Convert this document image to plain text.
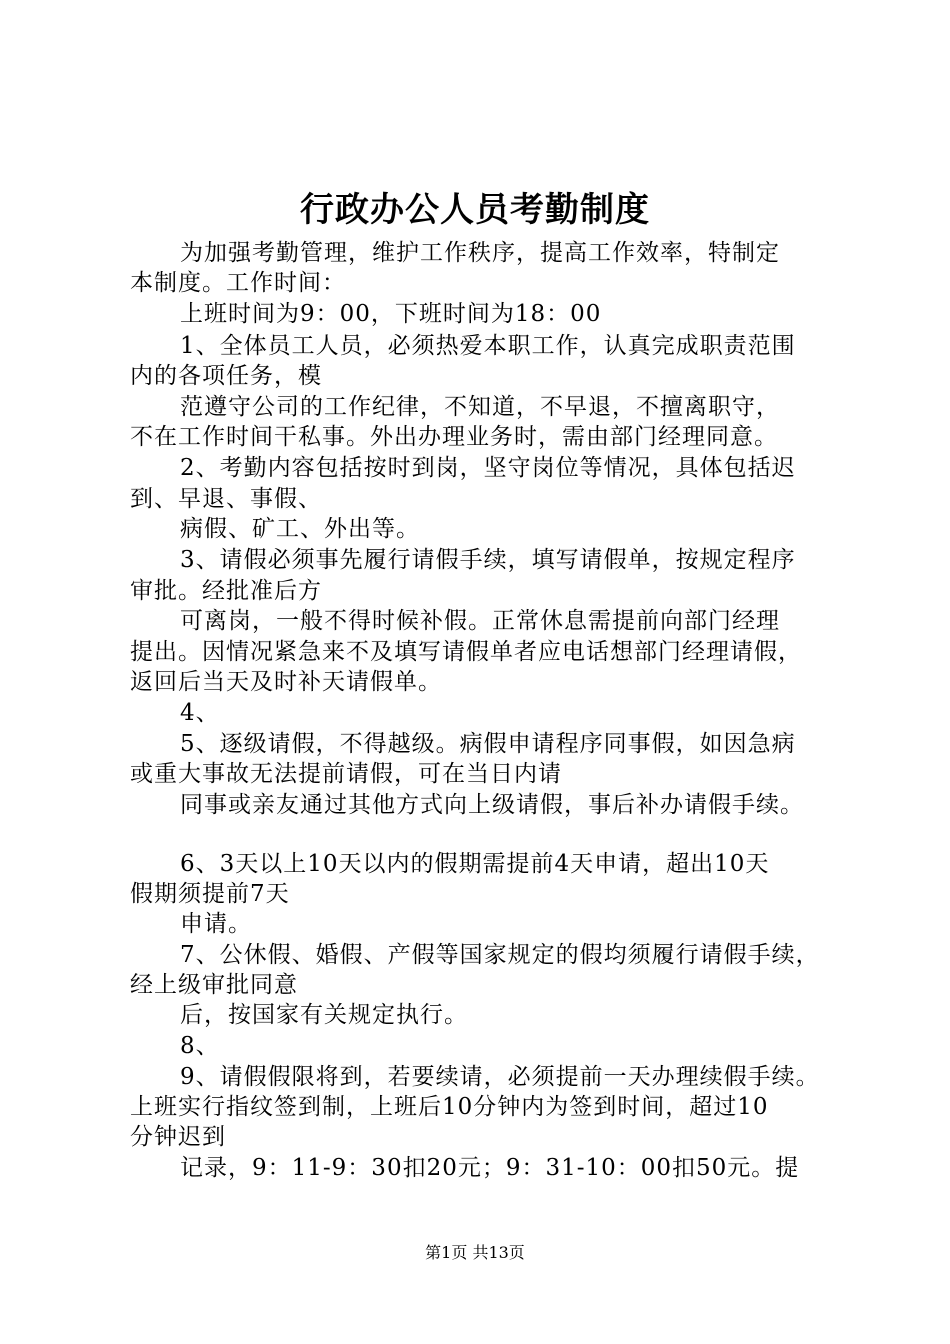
行政办公人员考勤制度
为加强考勤管理，维护工作秩序，提高工作效率，特制定
本制度。工作时间：
上班时间为9：00，下班时间为18：00
1、全体员工人员，必须热爱本职工作，认真完成职责范围
内的各项任务，模
范遵守公司的工作纪律，不知道，不早退，不擅离职守，
不在工作时间干私事。外出办理业务时，需由部门经理同意。
2、考勤内容包括按时到岗，坚守岗位等情况，具体包括迟
到、早退、事假、
病假、矿工、外出等。
3、请假必须事先履行请假手续，填写请假单，按规定程序
审批。经批准后方
可离岗，一般不得时候补假。正常休息需提前向部门经理
提出。因情况紧急来不及填写请假单者应电话想部门经理请假，
返回后当天及时补天请假单。
4、
5、逐级请假，不得越级。病假申请程序同事假，如因急病
或重大事故无法提前请假，可在当日内请
同事或亲友通过其他方式向上级请假，事后补办请假手续。
6、3天以上10天以内的假期需提前4天申请，超出10天
假期须提前7天
申请。
7、公休假、婚假、产假等国家规定的假均须履行请假手续，
经上级审批同意
后，按国家有关规定执行。
8、
9、请假假限将到，若要续请，必须提前一天办理续假手续。
上班实行指纹签到制，上班后10分钟内为签到时间，超过10
分钟迟到
记录，9：11-9：30扣20元；9：31-10：00扣50元。提
第1页 共13页
